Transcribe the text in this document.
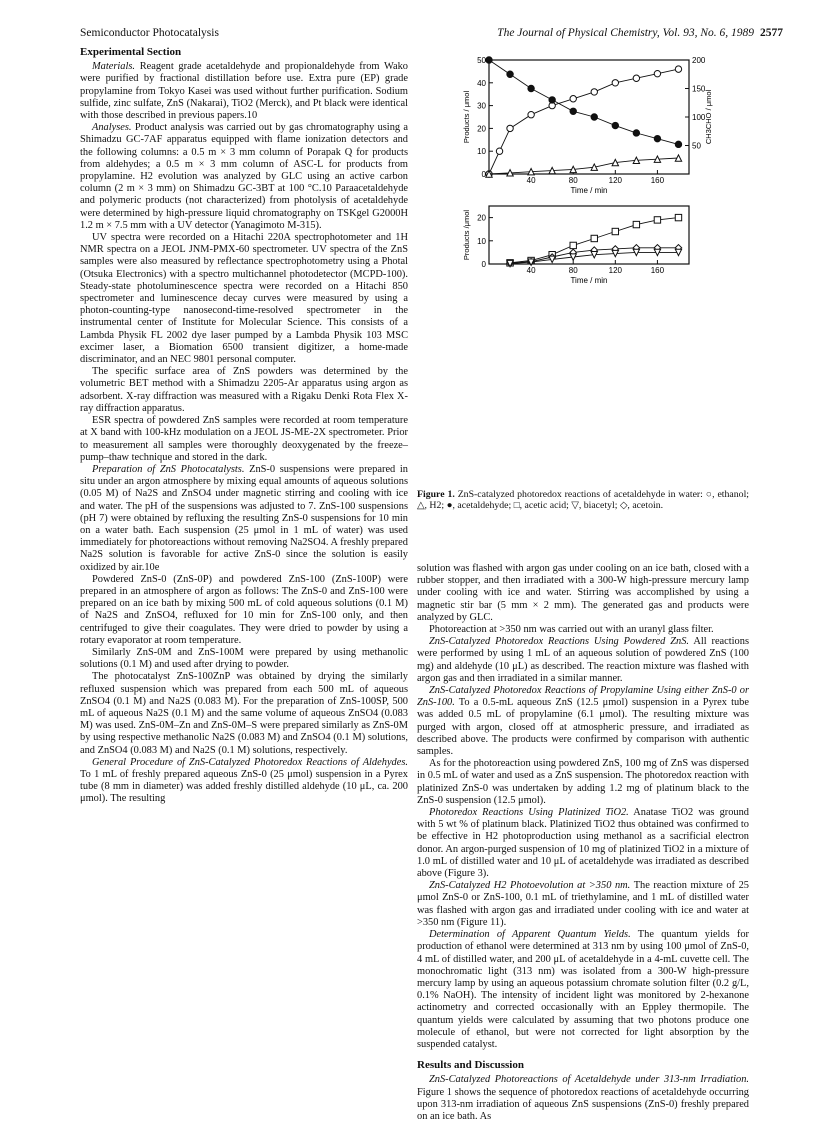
Semiconductor Photocatalysis	The Journal of Physical Chemistry, Vol. 93, No. 6, 1989 2577
Experimental Section

Materials. Reagent grade acetaldehyde and propionaldehyde from Wako were purified by fractional distillation before use. Extra pure (EP) grade propylamine from Tokyo Kasei was used without further purification. Sodium sulfide, zinc sulfate, ZnS (Nakarai), TiO2 (Merck), and Pt black were identical with those described in previous papers.10

Analyses. Product analysis was carried out by gas chromatography using a Shimadzu GC-7AF apparatus equipped with flame ionization detectors and the following columns: a 0.5 m × 3 mm column of Porapak Q for products from aldehydes; a 0.5 m × 3 mm column of ASC-L for products from propylamine. H2 evolution was analyzed by GLC using an active carbon column (2 m × 3 mm) on Shimadzu GC-3BT at 100 °C.10 Paraacetaldehyde and polymeric products (not characterized) from photolysis of acetaldehyde were determined by high-pressure liquid chromatography on TSKgel G2000H 1.2 m × 7.5 mm with a UV detector (Yanagimoto M-315).

UV spectra were recorded on a Hitachi 220A spectrophotometer and 1H NMR spectra on a JEOL JNM-PMX-60 spectrometer. UV spectra of the ZnS samples were also measured by reflectance spectrophotometry using a Photal (Otsuka Electronics) with a spectro multichannel photodetector (MCPD-100). Steady-state photoluminescence spectra were recorded on a Hitachi 850 spectrometer and luminescence decay curves were measured by using a photon-counting-type nanosecond-time-resolved spectrometer in the instrumental center of Institute for Molecular Science. This consists of a Lambda Physik FL 2002 dye laser pumped by a Lambda Physik 103 MSC excimer laser, a Biomation 6500 transient digitizer, a home-made discriminator, and an NEC 9801 personal computer.

The specific surface area of ZnS powders was determined by the volumetric BET method with a Shimadzu 2205-Ar apparatus using argon as adsorbent. X-ray diffraction was measured with a Rigaku Denki Rota Flex X-ray diffraction apparatus.

ESR spectra of powdered ZnS samples were recorded at room temperature at X band with 100-kHz modulation on a JEOL JS-ME-2X spectrometer. Prior to measurement all samples were thoroughly deoxygenated by the freeze–pump–thaw technique and stored in the dark.

Preparation of ZnS Photocatalysts. ZnS-0 suspensions were prepared in situ under an argon atmosphere by mixing equal amounts of aqueous solutions (0.05 M) of Na2S and ZnSO4 under magnetic stirring and cooling with ice and water. The pH of the suspensions was adjusted to 7. ZnS-100 suspensions (pH 7) were obtained by refluxing the resulting ZnS-0 suspensions for 10 min on a water bath. Each suspension (25 μmol in 1 mL of water) was used immediately for photoreactions without removing Na2SO4. A freshly prepared Na2S solution is favorable for active ZnS-0 since the solution is easily oxidized by air.10e

Powdered ZnS-0 (ZnS-0P) and powdered ZnS-100 (ZnS-100P) were prepared in an atmosphere of argon as follows: The ZnS-0 and ZnS-100 were prepared on an ice bath by mixing 500 mL of cold aqueous solutions (0.1 M) of Na2S and ZnSO4, refluxed for 10 min for ZnS-100 only, and then centrifuged to give their coagulates. They were dried to powder by using a rotary evaporator at room temperature.

Similarly ZnS-0M and ZnS-100M were prepared by using methanolic solutions (0.1 M) and used after drying to powder.

The photocatalyst ZnS-100ZnP was obtained by drying the similarly refluxed suspension which was prepared from each 500 mL of aqueous ZnSO4 (0.1 M) and Na2S (0.083 M). For the preparation of ZnS-100SP, 500 mL of aqueous Na2S (0.1 M) and the same volume of aqueous ZnSO4 (0.083 M) was used. ZnS-0M–Zn and ZnS-0M–S were prepared similarly as ZnS-0M by using respective methanolic Na2S (0.083 M) and ZnSO4 (0.1 M) solutions, and ZnSO4 (0.083 M) and Na2S (0.1 M) solutions, respectively.

General Procedure of ZnS-Catalyzed Photoredox Reactions of Aldehydes. To 1 mL of freshly prepared aqueous ZnS-0 (25 μmol) suspension in a Pyrex tube (8 mm in diameter) was added freshly distilled aldehyde (10 μL, ca. 200 μmol). The resulting

40	80	120	160
0
10
20
30
40
50
50
100
150
200
Time / min
Products / μmol	CH3CHO / μmol
40	80	120	160
0
10
20
Time / min
Products /μmol
Figure 1. ZnS-catalyzed photoredox reactions of acetaldehyde in water: ○, ethanol; △, H2; ●, acetaldehyde; □, acetic acid; ▽, biacetyl; ◇, acetoin.

solution was flashed with argon gas under cooling on an ice bath, closed with a rubber stopper, and then irradiated with a 300-W high-pressure mercury lamp under cooling with ice and water. Stirring was accomplished by using a magnetic stir bar (5 mm × 2 mm). The generated gas and products were analyzed by GLC.

Photoreaction at >350 nm was carried out with an uranyl glass filter.

ZnS-Catalyzed Photoredox Reactions Using Powdered ZnS. All reactions were performed by using 1 mL of an aqueous solution of powdered ZnS (100 mg) and aldehyde (10 μL) as described. The reaction mixture was flashed with argon gas and then irradiated in a similar manner.

ZnS-Catalyzed Photoredox Reactions of Propylamine Using either ZnS-0 or ZnS-100. To a 0.5-mL aqueous ZnS (12.5 μmol) suspension in a Pyrex tube was added 0.5 mL of propylamine (6.1 μmol). The resulting mixture was purged with argon, closed off at atmospheric pressure, and irradiated as described above. The products were confirmed by comparison with authentic samples.

As for the photoreaction using powdered ZnS, 100 mg of ZnS was dispersed in 0.5 mL of water and used as a ZnS suspension. The photoredox reaction with platinized ZnS-0 was undertaken by adding 1.2 mg of platinum black to the ZnS-0 suspension (12.5 μmol).

Photoredox Reactions Using Platinized TiO2. Anatase TiO2 was ground with 5 wt % of platinum black. Platinized TiO2 thus obtained was confirmed to be effective in H2 photoproduction using methanol as a sacrificial electron donor. An argon-purged suspension of 10 mg of platinized TiO2 in a mixture of 1.0 mL of distilled water and 10 μL of acetaldehyde was irradiated as described above (Figure 3).

ZnS-Catalyzed H2 Photoevolution at >350 nm. The reaction mixture of 25 μmol ZnS-0 or ZnS-100, 0.1 mL of triethylamine, and 1 mL of distilled water was flashed with argon gas and irradiated under cooling with ice and water at >350 nm (Figure 11).

Determination of Apparent Quantum Yields. The quantum yields for production of ethanol were determined at 313 nm by using 100 μmol of ZnS-0, 4 mL of distilled water, and 200 μL of acetaldehyde in a 4-mL cuvette cell. The monochromatic light (313 nm) was isolated from a 300-W high-pressure mercury lamp by using an aqueous potassium chromate solution filter (0.2 g/L, 0.1% NaOH). The intensity of incident light was monitored by 2-hexanone actinometry and corrected occasionally with an Eppley thermopile. The quantum yields were calculated by assuming that two photons produce one molecule of ethanol, but were not corrected for light absorption by the suspended catalyst.

Results and Discussion

ZnS-Catalyzed Photoreactions of Acetaldehyde under 313-nm Irradiation. Figure 1 shows the sequence of photoredox reactions of acetaldehyde occurring upon 313-nm irradiation of aqueous ZnS suspensions (ZnS-0) freshly prepared on an ice bath. As
